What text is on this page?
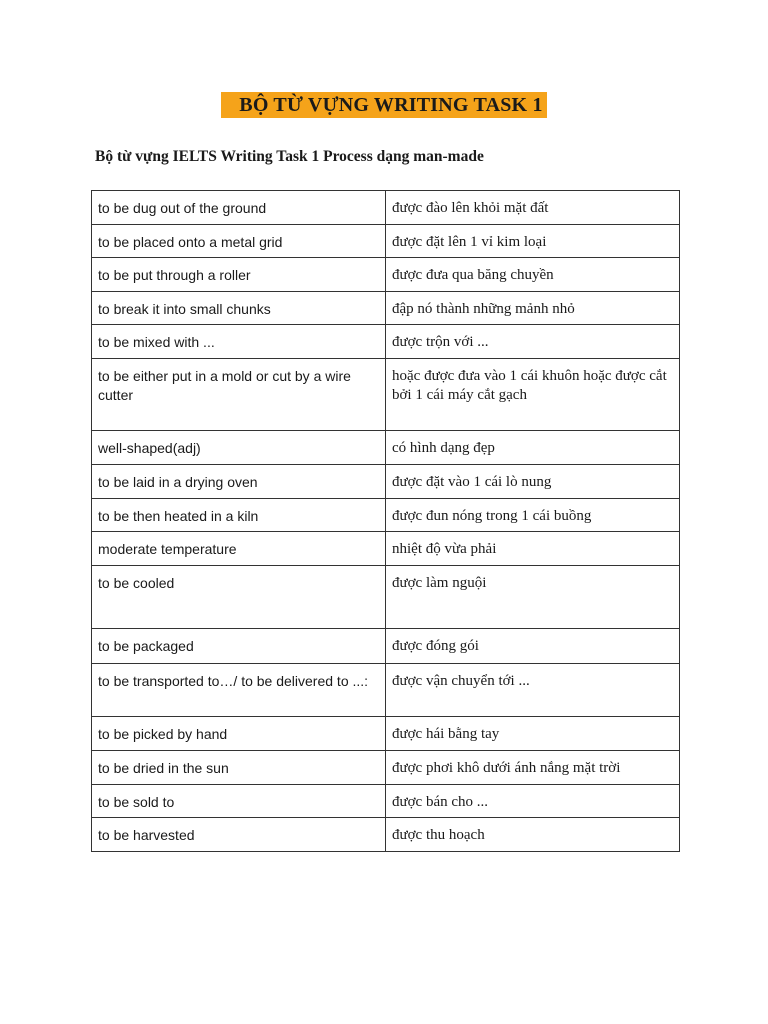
BỘ TỪ VỰNG WRITING TASK 1
Bộ từ vựng IELTS Writing Task 1 Process dạng man-made
to be dug out of the ground	được đào lên khỏi mặt đất
to be placed onto a metal grid	được đặt lên 1 vỉ kim loại
to be put through a roller	được đưa qua băng chuyền
to break it into small chunks	đập nó thành những mảnh nhỏ
to be mixed with ...	được trộn với ...
to be either put in a mold or cut by a wire cutter	hoặc được đưa vào 1 cái khuôn hoặc được cắt bởi 1 cái máy cắt gạch
well-shaped(adj)	có hình dạng đẹp
to be laid in a drying oven	được đặt vào 1 cái lò nung
to be then heated in a kiln	được đun nóng trong 1 cái buồng
moderate temperature	nhiệt độ vừa phải
to be cooled	được làm nguội
to be packaged	được đóng gói
to be transported to…/ to be delivered to ...:	được vận chuyển tới ...
to be picked by hand	được hái bằng tay
to be dried in the sun	được phơi khô dưới ánh nắng mặt trời
to be sold to	được bán cho ...
to be harvested	được thu hoạch
